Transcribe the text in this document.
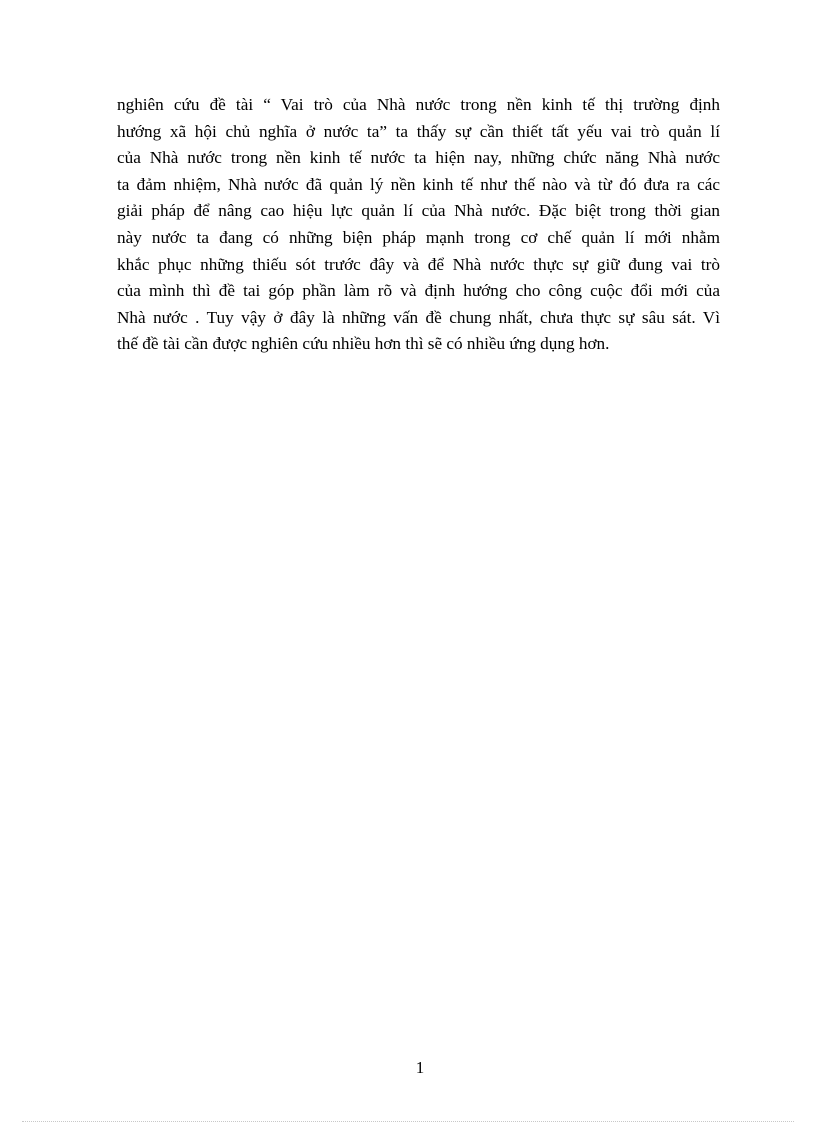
nghiên cứu đề tài “ Vai trò của Nhà nước trong nền kinh tế thị trường định
hướng xã hội chủ nghĩa ở nước ta” ta thấy sự cần thiết tất yếu vai trò quản lí
của Nhà nước trong nền kinh tế nước ta hiện nay, những chức năng Nhà nước
ta đảm nhiệm, Nhà nước đã quản lý nền kinh tế như thế nào và từ đó đưa ra các
giải pháp để nâng cao hiệu lực quản lí của Nhà nước. Đặc biệt trong thời gian
này nước ta đang có những biện pháp mạnh trong cơ chế quản lí mới nhằm
khắc phục những thiếu sót trước đây và để Nhà nước thực sự giữ đung vai trò
của mình thì đề tai góp phần làm rõ và định hướng cho công cuộc đổi mới của
Nhà nước . Tuy vậy ở đây là những vấn đề chung nhất, chưa thực sự sâu sát. Vì
thế đề tài cần được nghiên cứu nhiều hơn thì sẽ có nhiều ứng dụng hơn.
1
